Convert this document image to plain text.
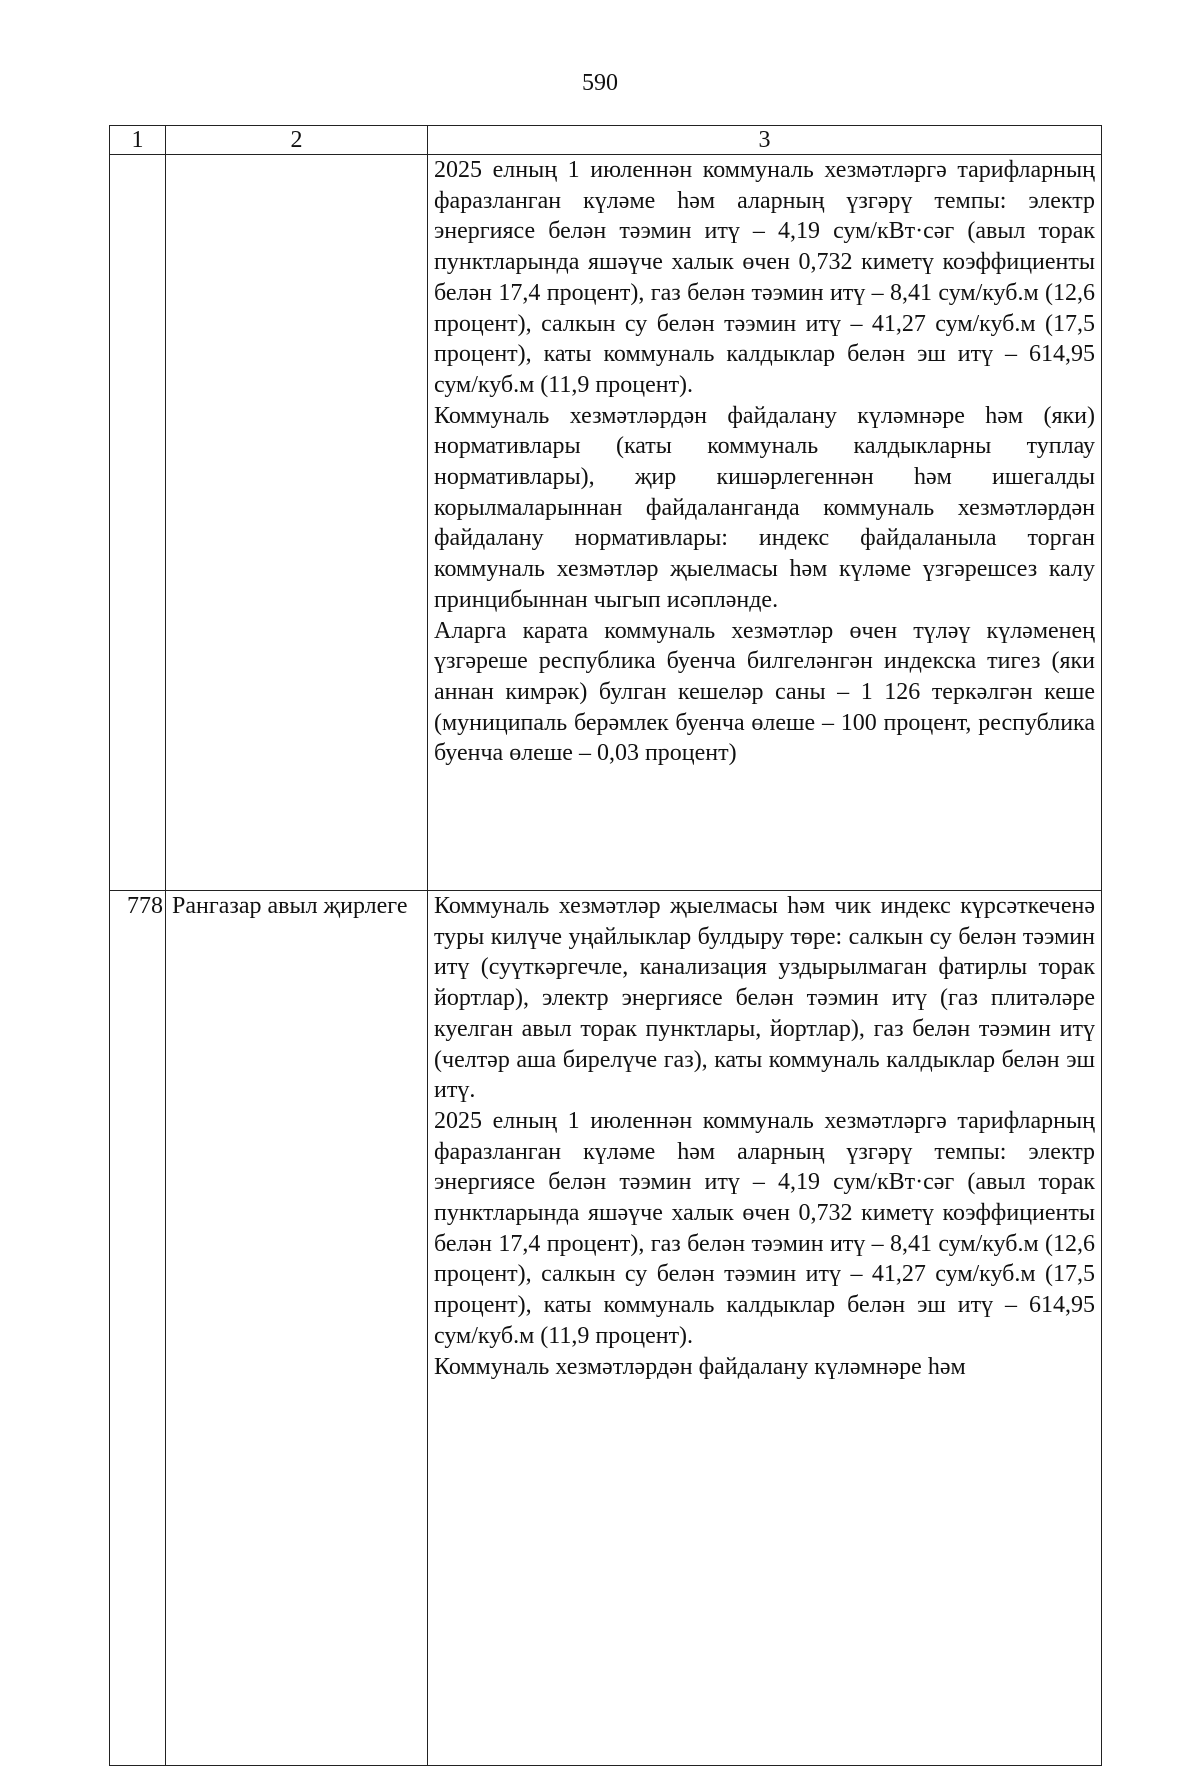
590
1	2	3

		2025 елның 1 июленнән коммуналь хезмәтләргә тарифларның фаразланган күләме һәм аларның үзгәрү темпы: электр энергиясе белән тәэмин итү – 4,19 сум/кВт·сәг (авыл торак пунктларында яшәүче халык өчен 0,732 киметү коэффициенты белән 17,4 процент), газ белән тәэмин итү – 8,41 сум/куб.м (12,6 процент), салкын су белән тәэмин итү – 41,27 сум/куб.м (17,5 процент), каты коммуналь калдыклар белән эш итү – 614,95 сум/куб.м (11,9 процент).

Коммуналь хезмәтләрдән файдалану күләмнәре һәм (яки) нормативлары (каты коммуналь калдыкларны туплау нормативлары), җир кишәрлегеннән һәм ишегалды корылмаларыннан файдаланганда коммуналь хезмәтләрдән файдалану нормативлары: индекс файдаланыла торган коммуналь хезмәтләр җыелмасы һәм күләме үзгәрешсез калу принцибыннан чыгып исәпләнде.

Аларга карата коммуналь хезмәтләр өчен түләү күләменең үзгәреше республика буенча билгеләнгән индекска тигез (яки аннан кимрәк) булган кешеләр саны – 1 126 теркәлгән кеше (муниципаль берәмлек буенча өлеше – 100 процент, республика буенча өлеше – 0,03 процент)

778	Рангазар авыл җирлеге	Коммуналь хезмәтләр җыелмасы һәм чик индекс күрсәткеченә туры килүче уңайлыклар булдыру төре: салкын су белән тәэмин итү (суүткәргечле, канализация уздырылмаган фатирлы торак йортлар), электр энергиясе белән тәэмин итү (газ плитәләре куелган авыл торак пунктлары, йортлар), газ белән тәэмин итү (челтәр аша бирелүче газ), каты коммуналь калдыклар белән эш итү.

2025 елның 1 июленнән коммуналь хезмәтләргә тарифларның фаразланган күләме һәм аларның үзгәрү темпы: электр энергиясе белән тәэмин итү – 4,19 сум/кВт·сәг (авыл торак пунктларында яшәүче халык өчен 0,732 киметү коэффициенты белән 17,4 процент), газ белән тәэмин итү – 8,41 сум/куб.м (12,6 процент), салкын су белән тәэмин итү – 41,27 сум/куб.м (17,5 процент), каты коммуналь калдыклар белән эш итү – 614,95 сум/куб.м (11,9 процент).

Коммуналь хезмәтләрдән файдалану күләмнәре һәм
